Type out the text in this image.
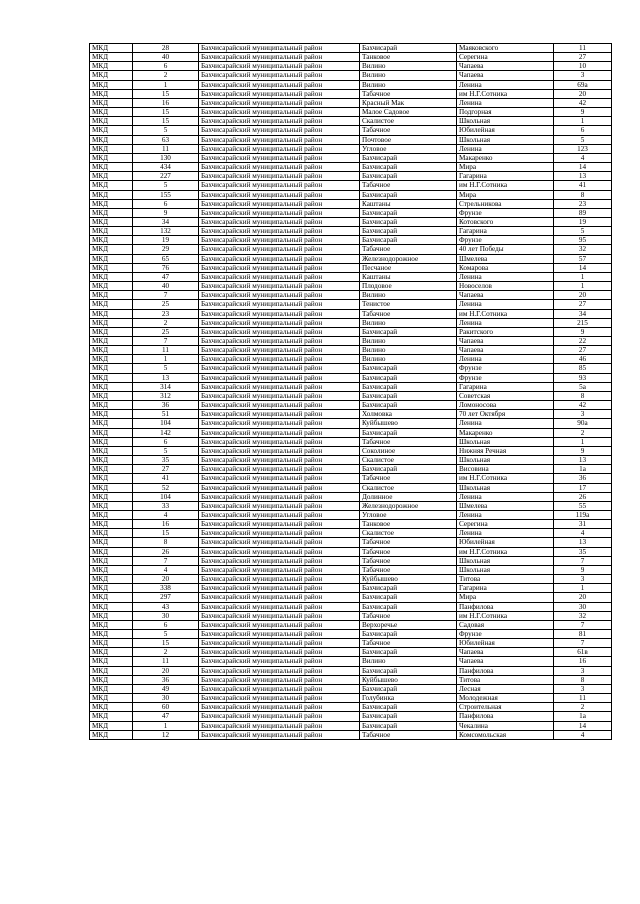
МКД	28	Бахчисарайский муниципальный район	Бахчисарай	Маяковского	11
МКД	40	Бахчисарайский муниципальный район	Танковое	Серегина	27
МКД	6	Бахчисарайский муниципальный район	Вилино	Чапаева	10
МКД	2	Бахчисарайский муниципальный район	Вилино	Чапаева	3
МКД	1	Бахчисарайский муниципальный район	Вилино	Ленина	69а
МКД	15	Бахчисарайский муниципальный район	Табачное	им Н.Г.Сотника	20
МКД	16	Бахчисарайский муниципальный район	Красный Мак	Ленина	42
МКД	15	Бахчисарайский муниципальный район	Малое Садовое	Подгорная	9
МКД	15	Бахчисарайский муниципальный район	Скалистое	Школьная	1
МКД	5	Бахчисарайский муниципальный район	Табачное	Юбилейная	6
МКД	63	Бахчисарайский муниципальный район	Почтовое	Школьная	5
МКД	11	Бахчисарайский муниципальный район	Угловое	Ленина	123
МКД	130	Бахчисарайский муниципальный район	Бахчисарай	Макаренко	4
МКД	434	Бахчисарайский муниципальный район	Бахчисарай	Мира	14
МКД	227	Бахчисарайский муниципальный район	Бахчисарай	Гагарина	13
МКД	5	Бахчисарайский муниципальный район	Табачное	им Н.Г.Сотника	41
МКД	155	Бахчисарайский муниципальный район	Бахчисарай	Мира	8
МКД	6	Бахчисарайский муниципальный район	Каштаны	Стрельникова	23
МКД	9	Бахчисарайский муниципальный район	Бахчисарай	Фрунзе	89
МКД	34	Бахчисарайский муниципальный район	Бахчисарай	Котовского	19
МКД	132	Бахчисарайский муниципальный район	Бахчисарай	Гагарина	5
МКД	19	Бахчисарайский муниципальный район	Бахчисарай	Фрунзе	95
МКД	29	Бахчисарайский муниципальный район	Табачное	40 лет Победы	32
МКД	65	Бахчисарайский муниципальный район	Железнодорожное	Шмелева	57
МКД	76	Бахчисарайский муниципальный район	Песчаное	Комарова	14
МКД	47	Бахчисарайский муниципальный район	Каштаны	Ленина	1
МКД	40	Бахчисарайский муниципальный район	Плодовое	Новоселов	1
МКД	7	Бахчисарайский муниципальный район	Вилино	Чапаева	20
МКД	25	Бахчисарайский муниципальный район	Тенистое	Ленина	27
МКД	23	Бахчисарайский муниципальный район	Табачное	им Н.Г.Сотника	34
МКД	2	Бахчисарайский муниципальный район	Вилино	Ленина	215
МКД	25	Бахчисарайский муниципальный район	Бахчисарай	Ракитского	9
МКД	7	Бахчисарайский муниципальный район	Вилино	Чапаева	22
МКД	11	Бахчисарайский муниципальный район	Вилино	Чапаева	27
МКД	1	Бахчисарайский муниципальный район	Вилино	Ленина	46
МКД	5	Бахчисарайский муниципальный район	Бахчисарай	Фрунзе	85
МКД	13	Бахчисарайский муниципальный район	Бахчисарай	Фрунзе	93
МКД	314	Бахчисарайский муниципальный район	Бахчисарай	Гагарина	5а
МКД	312	Бахчисарайский муниципальный район	Бахчисарай	Советская	8
МКД	36	Бахчисарайский муниципальный район	Бахчисарай	Ломоносова	42
МКД	51	Бахчисарайский муниципальный район	Холмовка	70 лет Октября	3
МКД	104	Бахчисарайский муниципальный район	Куйбышево	Ленина	90а
МКД	142	Бахчисарайский муниципальный район	Бахчисарай	Макаренко	2
МКД	6	Бахчисарайский муниципальный район	Табачное	Школьная	1
МКД	5	Бахчисарайский муниципальный район	Соколиное	Нижняя Речная	9
МКД	35	Бахчисарайский муниципальный район	Скалистое	Школьная	13
МКД	27	Бахчисарайский муниципальный район	Бахчисарай	Висовина	1а
МКД	41	Бахчисарайский муниципальный район	Табачное	им Н.Г.Сотника	36
МКД	52	Бахчисарайский муниципальный район	Скалистое	Школьная	17
МКД	104	Бахчисарайский муниципальный район	Долинное	Ленина	26
МКД	33	Бахчисарайский муниципальный район	Железнодорожное	Шмелева	55
МКД	4	Бахчисарайский муниципальный район	Угловое	Ленина	119а
МКД	16	Бахчисарайский муниципальный район	Танковое	Серегина	31
МКД	15	Бахчисарайский муниципальный район	Скалистое	Ленина	4
МКД	8	Бахчисарайский муниципальный район	Табачное	Юбилейная	13
МКД	26	Бахчисарайский муниципальный район	Табачное	им Н.Г.Сотника	35
МКД	7	Бахчисарайский муниципальный район	Табачное	Школьная	7
МКД	4	Бахчисарайский муниципальный район	Табачное	Школьная	9
МКД	20	Бахчисарайский муниципальный район	Куйбышево	Титова	3
МКД	338	Бахчисарайский муниципальный район	Бахчисарай	Гагарина	1
МКД	297	Бахчисарайский муниципальный район	Бахчисарай	Мира	20
МКД	43	Бахчисарайский муниципальный район	Бахчисарай	Панфилова	30
МКД	30	Бахчисарайский муниципальный район	Табачное	им Н.Г.Сотника	32
МКД	6	Бахчисарайский муниципальный район	Верхоречье	Садовая	7
МКД	5	Бахчисарайский муниципальный район	Бахчисарай	Фрунзе	81
МКД	15	Бахчисарайский муниципальный район	Табачное	Юбилейная	7
МКД	2	Бахчисарайский муниципальный район	Бахчисарай	Чапаева	61в
МКД	11	Бахчисарайский муниципальный район	Вилино	Чапаева	16
МКД	20	Бахчисарайский муниципальный район	Бахчисарай	Панфилова	3
МКД	36	Бахчисарайский муниципальный район	Куйбышево	Титова	8
МКД	49	Бахчисарайский муниципальный район	Бахчисарай	Лесная	3
МКД	30	Бахчисарайский муниципальный район	Голубинка	Молодежная	11
МКД	60	Бахчисарайский муниципальный район	Бахчисарай	Строительная	2
МКД	47	Бахчисарайский муниципальный район	Бахчисарай	Панфилова	1а
МКД	1	Бахчисарайский муниципальный район	Бахчисарай	Чекалина	14
МКД	12	Бахчисарайский муниципальный район	Табачное	Комсомольская	4
